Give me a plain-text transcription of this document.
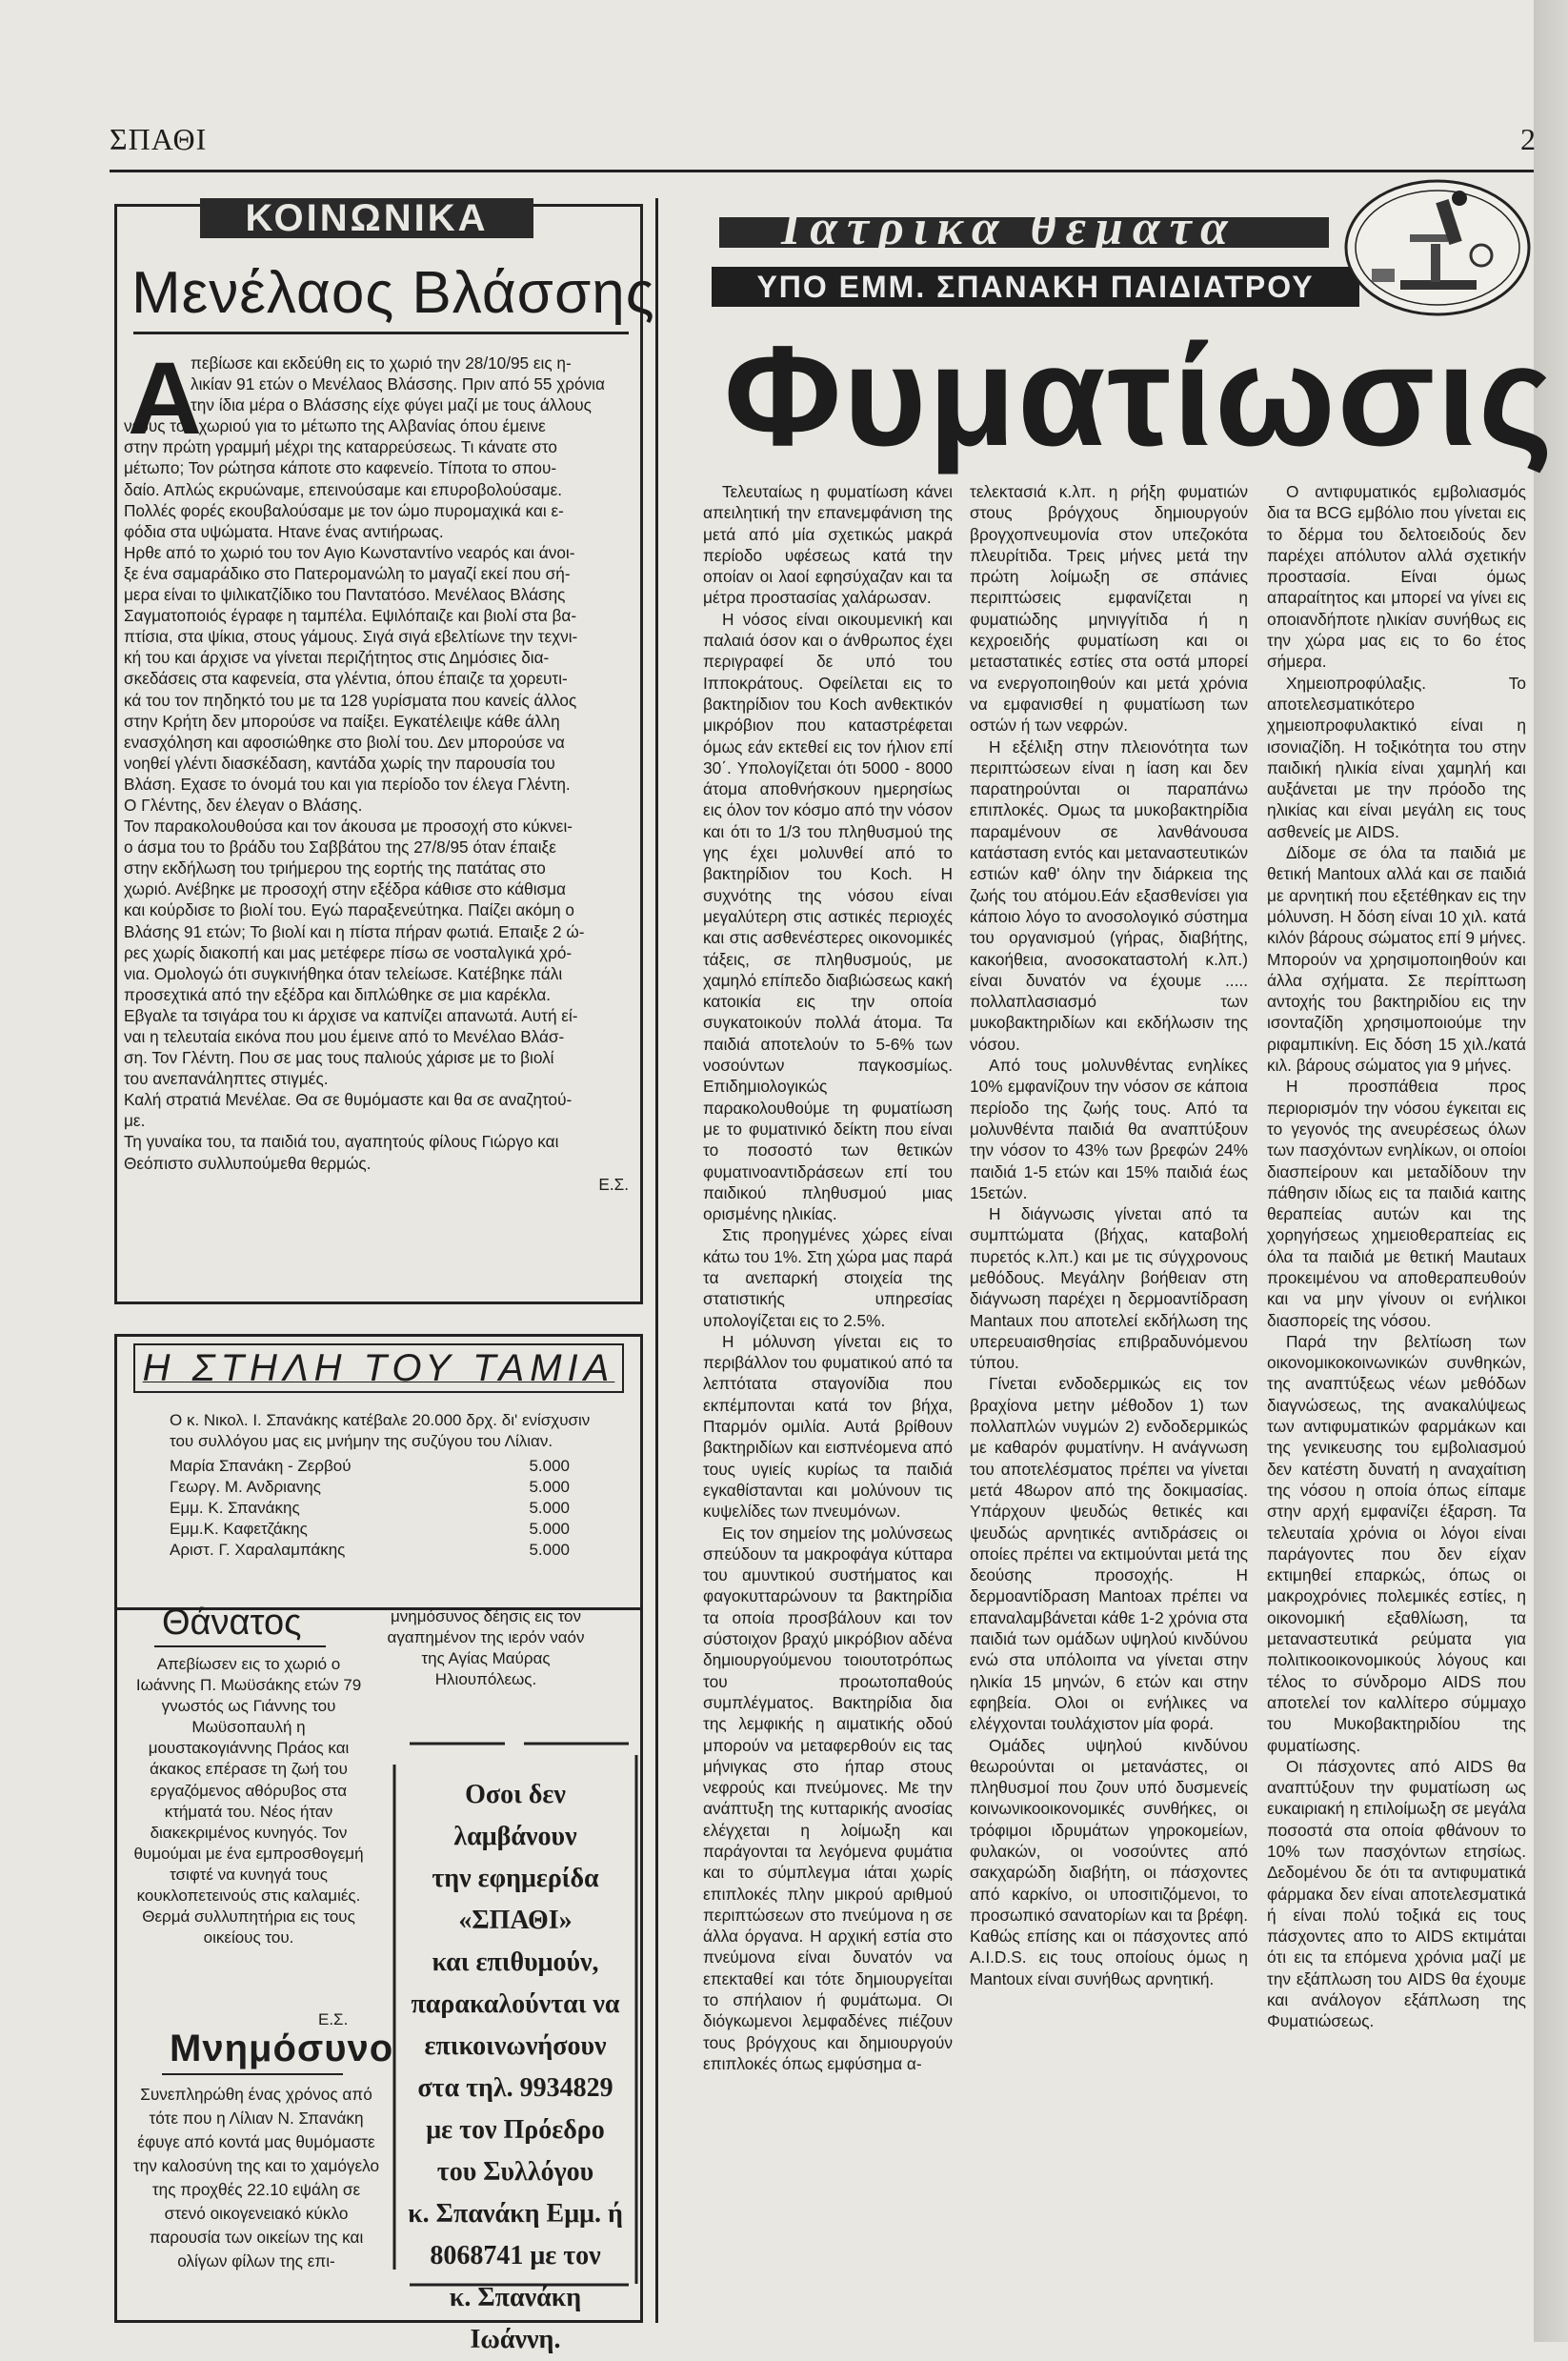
ΣΠΑΘΙ	2
ΚΟΙΝΩΝΙΚΑ
Μενέλαος Βλάσσης
Α

πεβίωσε και εκδεύθη εις το χωριό την 28/10/95 εις η-

λικίαν 91 ετών ο Μενέλαος Βλάσσης. Πριν από 55 χρόνια

την ίδια μέρα ο Βλάσσης είχε φύγει μαζί με τους άλλους

νέους του χωριού για το μέτωπο της Αλβανίας όπου έμεινε

στην πρώτη γραμμή μέχρι της καταρρεύσεως. Τι κάνατε στο

μέτωπο; Τον ρώτησα κάποτε στο καφενείο. Τίποτα το σπου-

δαίο. Απλώς εκρυώναμε, επεινούσαμε και επυροβολούσαμε.

Πολλές φορές εκουβαλούσαμε με τον ώμο πυρομαχικά και ε-

φόδια στα υψώματα. Ητανε ένας αντιήρωας.

Ηρθε από το χωριό του τον Αγιο Κωνσταντίνο νεαρός και άνοι-

ξε ένα σαμαράδικο στο Πατερομανώλη το μαγαζί εκεί που σή-

μερα είναι το ψιλικατζίδικο του Παντατόσο. Μενέλαος Βλάσης

Σαγματοποιός έγραφε η ταμπέλα. Εψιλόπαιζε και βιολί στα βα-

πτίσια, στα ψίκια, στους γάμους. Σιγά σιγά εβελτίωνε την τεχνι-

κή του και άρχισε να γίνεται περιζήτητος στις Δημόσιες δια-

σκεδάσεις στα καφενεία, στα γλέντια, όπου έπαιζε τα χορευτι-

κά του τον πηδηκτό του με τα 128 γυρίσματα που κανείς άλλος

στην Κρήτη δεν μπορούσε να παίξει. Εγκατέλειψε κάθε άλλη

ενασχόληση και αφοσιώθηκε στο βιολί του. Δεν μπορούσε να

νοηθεί γλέντι διασκέδαση, καντάδα χωρίς την παρουσία του

Βλάση. Εχασε το όνομά του και για περίοδο τον έλεγα Γλέντη.

Ο Γλέντης, δεν έλεγαν ο Βλάσης.

Τον παρακολουθούσα και τον άκουσα με προσοχή στο κύκνει-

ο άσμα του το βράδυ του Σαββάτου της 27/8/95 όταν έπαιξε

στην εκδήλωση του τριήμερου της εορτής της πατάτας στο

χωριό. Ανέβηκε με προσοχή στην εξέδρα κάθισε στο κάθισμα

και κούρδισε το βιολί του. Εγώ παραξενεύτηκα. Παίζει ακόμη ο

Βλάσης 91 ετών; Το βιολί και η πίστα πήραν φωτιά. Επαιξε 2 ώ-

ρες χωρίς διακοπή και μας μετέφερε πίσω σε νοσταλγικά χρό-

νια. Ομολογώ ότι συγκινήθηκα όταν τελείωσε. Κατέβηκε πάλι

προσεχτικά από την εξέδρα και διπλώθηκε σε μια καρέκλα.

Εβγαλε τα τσιγάρα του κι άρχισε να καπνίζει απανωτά. Αυτή εί-

ναι η τελευταία εικόνα που μου έμεινε από το Μενέλαο Βλάσ-

ση. Τον Γλέντη. Που σε μας τους παλιούς χάρισε με το βιολί

του ανεπανάληπτες στιγμές.

Καλή στρατιά Μενέλαε. Θα σε θυμόμαστε και θα σε αναζητού-

με.

Τη γυναίκα του, τα παιδιά του, αγαπητούς φίλους Γιώργο και

Θεόπιστο συλλυπούμεθα θερμώς.

Ε.Σ.

Η ΣΤΗΛΗ ΤΟΥ ΤΑΜΙΑ
Ο κ. Νικολ. Ι. Σπανάκης κατέβαλε 20.000 δρχ. δι' ενίσχυσιν του συλλόγου μας εις μνήμην της συζύγου του Λίλιαν.
Μαρία Σπανάκη - Ζερβού	5.000
Γεωργ. Μ. Ανδριανης	5.000
Εμμ. Κ. Σπανάκης	5.000
Εμμ.Κ. Καφετζάκης	5.000
Αριστ. Γ. Χαραλαμπάκης	5.000
Θάνατος
Απεβίωσεν εις το χωριό ο Ιωάννης Π. Μωϋσάκης ετών 79 γνωστός ως Γιάννης του Μωϋσοπαυλή η μουστακογιάννης Πράος και άκακος επέρασε τη ζωή του εργαζόμενος αθόρυβος στα κτήματά του. Νέος ήταν διακεκριμένος κυνηγός. Τον θυμούμαι με ένα εμπροσθογεμή τσιφτέ να κυνηγά τους κουκλοπετεινούς στις καλαμιές. Θερμά συλλυπητήρια εις τους οικείους του.
μνημόσυνος δέησις εις τον αγαπημένον της ιερόν ναόν της Αγίας Μαύρας Ηλιουπόλεως.
Ε.Σ.
Μνημόσυνο
Συνεπληρώθη ένας χρόνος από τότε που η Λίλιαν Ν. Σπανάκη έφυγε από κοντά μας θυμόμαστε την καλοσύνη της και το χαμόγελο της προχθές 22.10 εψάλη σε στενό οικογενειακό κύκλο παρουσία των οικείων της και ολίγων φίλων της επι-
Οσοι δεν
λαμβάνουν
την εφημερίδα
«ΣΠΑΘΙ»
και επιθυμούν,
παρακαλούνται να
επικοινωνήσουν
στα τηλ. 9934829
με τον Πρόεδρο
του Συλλόγου
κ. Σπανάκη Εμμ. ή
8068741 με τον
κ. Σπανάκη
Ιωάννη.
Ιατρικά θέματα
ΥΠΟ ΕΜΜ. ΣΠΑΝΑΚΗ ΠΑΙΔΙΑΤΡΟΥ
Φυματίωσις

Τελευταίως η φυματίωση κάνει απειλητική την επανεμφάνιση της μετά από μία σχετικώς μακρά περίοδο υφέσεως κατά την οποίαν οι λαοί εφησύχαζαν και τα μέτρα προστασίας χαλάρωσαν.

Η νόσος είναι οικουμενική και παλαιά όσον και ο άνθρωπος έχει περιγραφεί δε υπό του Ιπποκράτους. Οφείλεται εις το βακτηρίδιον του Koch ανθεκτικόν μικρόβιον που καταστρέφεται όμως εάν εκτεθεί εις τον ήλιον επί 30΄. Υπολογίζεται ότι 5000 - 8000 άτομα αποθνήσκουν ημερησίως εις όλον τον κόσμο από την νόσον και ότι το 1/3 του πληθυσμού της γης έχει μολυνθεί από το βακτηρίδιον του Koch. Η συχνότης της νόσου είναι μεγαλύτερη στις αστικές περιοχές και στις ασθενέστερες οικονομικές τάξεις, σε πληθυσμούς, με χαμηλό επίπεδο διαβιώσεως κακή κατοικία εις την οποία συγκατοικούν πολλά άτομα. Τα παιδιά αποτελούν το 5-6% των νοσούντων παγκοσμίως. Επιδημιολογικώς παρακολουθούμε τη φυματίωση με το φυματινικό δείκτη που είναι το ποσοστό των θετικών φυματινοαντιδράσεων επί του παιδικού πληθυσμού μιας ορισμένης ηλικίας.

Στις προηγμένες χώρες είναι κάτω του 1%. Στη χώρα μας παρά τα ανεπαρκή στοιχεία της στατιστικής υπηρεσίας υπολογίζεται εις το 2.5%.

Η μόλυνση γίνεται εις το περιβάλλον του φυματικού από τα λεπτότατα σταγονίδια που εκπέμπονται κατά τον βήχα, Πταρμόν ομιλία. Αυτά βρίθουν βακτηριδίων και εισπνέομενα από τους υγιείς κυρίως τα παιδιά εγκαθίστανται και μολύνουν τις κυψελίδες των πνευμόνων.

Εις τον σημείον της μολύνσεως σπεύδουν τα μακροφάγα κύτταρα του αμυντικού συστήματος και φαγοκυτταρώνουν τα βακτηρίδια τα οποία προσβάλουν και τον σύστοιχον βραχύ μικρόβιον αδένα δημιουργούμενου τοιουτοτρόπως του προωτοπαθούς συμπλέγματος. Βακτηρίδια δια της λεμφικής η αιματικής οδού μπορούν να μεταφερθούν εις τας μήνιγκας στο ήπαρ στους νεφρούς και πνεύμονες. Με την ανάπτυξη της κυτταρικής ανοσίας ελέγχεται η λοίμωξη και παράγονται τα λεγόμενα φυμάτια και το σύμπλεγμα ιάται χωρίς επιπλοκές πλην μικρού αριθμού περιπτώσεων στο πνεύμονα η σε άλλα όργανα. Η αρχική εστία στο πνεύμονα είναι δυνατόν να επεκταθεί και τότε δημιουργείται το σπήλαιον ή φυμάτωμα. Οι διόγκωμενοι λεμφαδένες πιέζουν τους βρόγχους και δημιουργούν επιπλοκές όπως εμφύσημα α-

τελεκτασιά κ.λπ. η ρήξη φυματιών στους βρόγχους δημιουργούν βρογχοπνευμονία στον υπεζοκότα πλευρίτιδα. Τρεις μήνες μετά την πρώτη λοίμωξη σε σπάνιες περιπτώσεις εμφανίζεται η φυματιώδης μηνιγγίτιδα ή η κεχροειδής φυματίωση και οι μεταστατικές εστίες στα οστά μπορεί να ενεργοποιηθούν και μετά χρόνια να εμφανισθεί η φυματίωση των οστών ή των νεφρών.

Η εξέλιξη στην πλειονότητα των περιπτώσεων είναι η ίαση και δεν παρατηρούνται οι παραπάνω επιπλοκές. Ομως τα μυκοβακτηρίδια παραμένουν σε λανθάνουσα κατάσταση εντός και μεταναστευτικών εστιών καθ' όλην την διάρκεια της ζωής του ατόμου.Εάν εξασθενίσει για κάποιο λόγο το ανοσολογικό σύστημα του οργανισμού (γήρας, διαβήτης, κακοήθεια, ανοσοκαταστολή κ.λπ.) είναι δυνατόν να έχουμε ..... πολλαπλασιασμό των μυκοβακτηριδίων και εκδήλωσιν της νόσου.

Από τους μολυνθέντας ενηλίκες 10% εμφανίζουν την νόσον σε κάποια περίοδο της ζωής τους. Από τα μολυνθέντα παιδιά θα αναπτύξουν την νόσον το 43% των βρεφών 24% παιδιά 1-5 ετών και 15% παιδιά έως 15ετών.

Η διάγνωσις γίνεται από τα συμπτώματα (βήχας, καταβολή πυρετός κ.λπ.) και με τις σύγχρονους μεθόδους. Μεγάλην βοήθειαν στη διάγνωση παρέχει η δερμοαντίδραση Mantaux που αποτελεί εκδήλωση της υπερευαισθησίας επιβραδυνόμενου τύπου.

Γίνεται ενδοδερμικώς εις τον βραχίονα μετην μέθοδον 1) των πολλαπλών νυγμών 2) ενδοδερμικώς με καθαρόν φυματίνην. Η ανάγνωση του αποτελέσματος πρέπει να γίνεται μετά 48ωρον από της δοκιμασίας. Υπάρχουν ψευδώς θετικές και ψευδώς αρνητικές αντιδράσεις οι οποίες πρέπει να εκτιμούνται μετά της δεούσης προσοχής. Η δερμοαντίδραση Mantoax πρέπει να επαναλαμβάνεται κάθε 1-2 χρόνια στα παιδιά των ομάδων υψηλού κινδύνου ενώ στα υπόλοιπα να γίνεται στην ηλικία 15 μηνών, 6 ετών και στην εφηβεία. Ολοι οι ενήλικες να ελέγχονται τουλάχιστον μία φορά.

Ομάδες υψηλού κινδύνου θεωρούνται οι μετανάστες, οι πληθυσμοί που ζουν υπό δυσμενείς κοινωνικοοικονομικές συνθήκες, οι τρόφιμοι ιδρυμάτων γηροκομείων, φυλακών, οι νοσούντες από σακχαρώδη διαβήτη, οι πάσχοντες από καρκίνο, οι υποσιτιζόμενοι, το προσωπικό σανατορίων και τα βρέφη. Καθώς επίσης και οι πάσχοντες από A.I.D.S. εις τους οποίους όμως η Mantoux είναι συνήθως αρνητική.

Ο αντιφυματικός εμβολιασμός δια τα BCG εμβόλιο που γίνεται εις το δέρμα του δελτοειδούς δεν παρέχει απόλυτον αλλά σχετικήν προστασία. Είναι όμως απαραίτητος και μπορεί να γίνει εις οποιανδήποτε ηλικίαν συνήθως εις την χώρα μας εις το 6ο έτος σήμερα.

Χημειοπροφύλαξις. Το αποτελεσματικότερο χημειοπροφυλακτικό είναι η ισονιαζίδη. Η τοξικότητα του στην παιδική ηλικία είναι χαμηλή και αυξάνεται με την πρόοδο της ηλικίας και είναι μεγάλη εις τους ασθενείς με AIDS.

Δίδομε σε όλα τα παιδιά με θετική Mantoux αλλά και σε παιδιά με αρνητική που εξετέθηκαν εις την μόλυνση. Η δόση είναι 10 χιλ. κατά κιλόν βάρους σώματος επί 9 μήνες. Μπορούν να χρησιμοποιηθούν και άλλα σχήματα. Σε περίπτωση αντοχής του βακτηριδίου εις την ισονταζίδη χρησιμοποιούμε την ριφαμπικίνη. Εις δόση 15 χιλ./κατά κιλ. βάρους σώματος για 9 μήνες.

Η προσπάθεια προς περιορισμόν την νόσου έγκειται εις το γεγονός της ανευρέσεως όλων των πασχόντων ενηλίκων, οι οποίοι διασπείρουν και μεταδίδουν την πάθησιν ιδίως εις τα παιδιά καιτης θεραπείας αυτών και της χορηγήσεως χημειοθεραπείας εις όλα τα παιδιά με θετική Mautaux προκειμένου να αποθεραπευθούν και να μην γίνουν οι ενήλικοι διασπορείς της νόσου.

Παρά την βελτίωση των οικονομικοκοινωνικών συνθηκών, της αναπτύξεως νέων μεθόδων διαγνώσεως, της ανακαλύψεως των αντιφυματικών φαρμάκων και της γενικευσης του εμβολιασμού δεν κατέστη δυνατή η αναχαίτιση της νόσου η οποία όπως είπαμε στην αρχή εμφανίζει έξαρση. Τα τελευταία χρόνια οι λόγοι είναι παράγοντες που δεν είχαν εκτιμηθεί επαρκώς, όπως οι μακροχρόνιες πολεμικές εστίες, η οικονομική εξαθλίωση, τα μεταναστευτικά ρεύματα για πολιτικοοικονομικούς λόγους και τέλος το σύνδρομο AIDS που αποτελεί τον καλλίτερο σύμμαχο του Μυκοβακτηριδίου της φυματίωσης.

Οι πάσχοντες από AIDS θα αναπτύξουν την φυματίωση ως ευκαιριακή η επιλοίμωξη σε μεγάλα ποσοστά στα οποία φθάνουν το 10% των πασχόντων ετησίως. Δεδομένου δε ότι τα αντιφυματικά φάρμακα δεν είναι αποτελεσματικά ή είναι πολύ τοξικά εις τους πάσχοντες απο το AIDS εκτιμάται ότι εις τα επόμενα χρόνια μαζί με την εξάπλωση του AIDS θα έχουμε και ανάλογον εξάπλωση της Φυματιώσεως.
